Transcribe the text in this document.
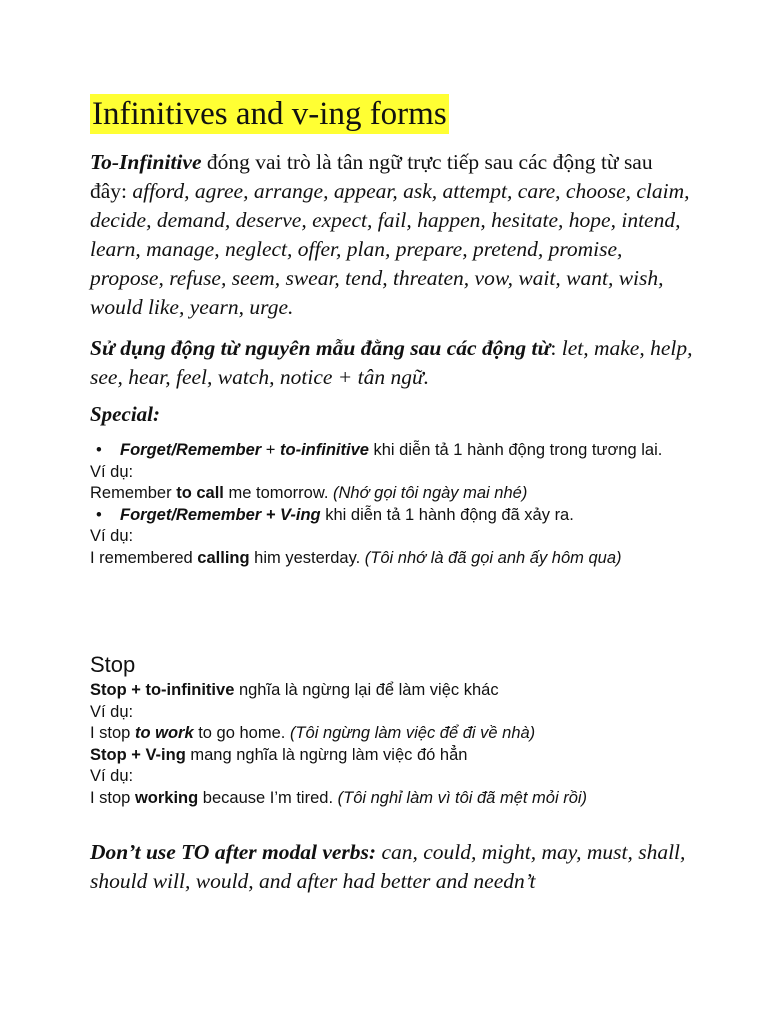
Infinitives and v-ing forms
To-Infinitive đóng vai trò là tân ngữ trực tiếp sau các động từ sau đây: afford, agree, arrange, appear, ask, attempt, care, choose, claim, decide, demand, deserve, expect, fail, happen, hesitate, hope, intend, learn, manage, neglect, offer, plan, prepare, pretend, promise, propose, refuse, seem, swear, tend, threaten, vow, wait, want, wish, would like, yearn, urge.
Sử dụng động từ nguyên mẫu đằng sau các động từ: let, make, help, see, hear, feel, watch, notice + tân ngữ.
Special:
• Forget/Remember + to-infinitive khi diễn tả 1 hành động trong tương lai.
Ví dụ:
Remember to call me tomorrow. (Nhớ gọi tôi ngày mai nhé)
• Forget/Remember + V-ing khi diễn tả 1 hành động đã xảy ra.
Ví dụ:
I remembered calling him yesterday. (Tôi nhớ là đã gọi anh ấy hôm qua)
Stop
Stop + to-infinitive nghĩa là ngừng lại để làm việc khác
Ví dụ:
I stop to work to go home. (Tôi ngừng làm việc để đi về nhà)
Stop + V-ing mang nghĩa là ngừng làm việc đó hẳn
Ví dụ:
I stop working because I’m tired. (Tôi nghỉ làm vì tôi đã mệt mỏi rồi)
Don’t use TO after modal verbs: can, could, might, may, must, shall, should will, would, and after had better and needn’t
